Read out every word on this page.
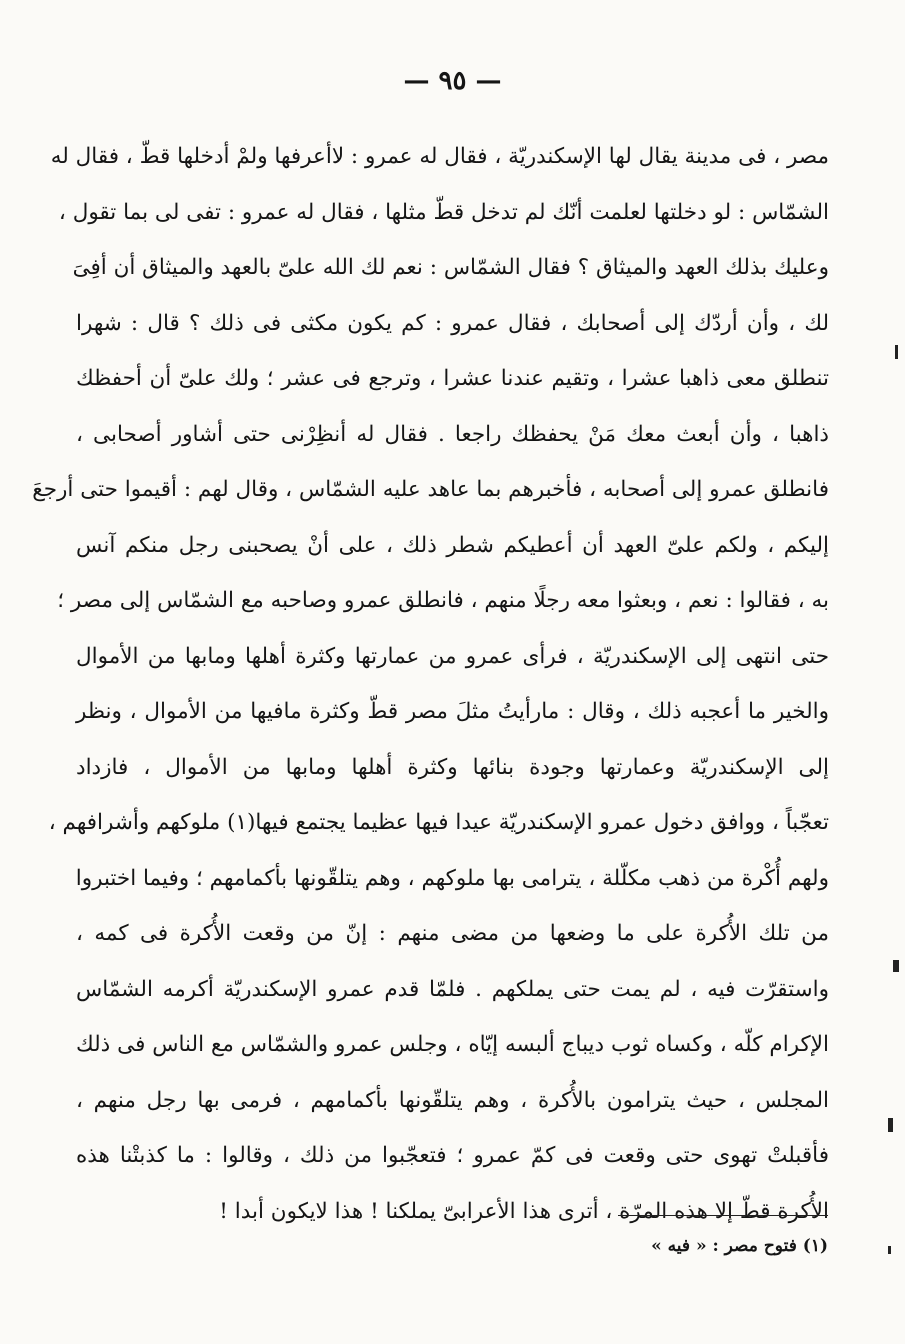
— ٩٥ —
مصر ، فى مدينة يقال لها الإسكندريّة ، فقال له عمرو : لاأعرفها ولمْ أدخلها قطّ ، فقال له
الشمّاس : لو دخلتها لعلمت أنّك لم تدخل قطّ مثلها ، فقال له عمرو : تفى لى بما تقول ،
وعليك بذلك العهد والميثاق ؟ فقال الشمّاس : نعم لك الله علىّ بالعهد والميثاق أن أفِىَ
لك ، وأن أردّك إلى أصحابك ، فقال عمرو : كم يكون مكثى فى ذلك ؟ قال : شهرا
تنطلق معى ذاهبا عشرا ، وتقيم عندنا عشرا ، وترجع فى عشر ؛ ولك علىّ أن أحفظك
ذاهبا ، وأن أبعث معك مَنْ يحفظك راجعا . فقال له أنظِرْنى حتى أشاور أصحابى ،
فانطلق عمرو إلى أصحابه ، فأخبرهم بما عاهد عليه الشمّاس ، وقال لهم : أقيموا حتى أرجعَ
إليكم ، ولكم علىّ العهد أن أعطيكم شطر ذلك ، على أنْ يصحبنى رجل منكم آنس
به ، فقالوا : نعم ، وبعثوا معه رجلًا منهم ، فانطلق عمرو وصاحبه مع الشمّاس إلى مصر ؛
حتى انتهى إلى الإسكندريّة ، فرأى عمرو من عمارتها وكثرة أهلها ومابها من الأموال
والخير ما أعجبه ذلك ، وقال : مارأيتُ مثلَ مصر قطّ وكثرة مافيها من الأموال ، ونظر
إلى الإسكندريّة وعمارتها وجودة بنائها وكثرة أهلها ومابها من الأموال ، فازداد
تعجّباً ، ووافق دخول عمرو الإسكندريّة عيدا فيها عظيما يجتمع فيها(١) ملوكهم وأشرافهم ،
ولهم أُكْرة من ذهب مكلّلة ، يترامى بها ملوكهم ، وهم يتلقّونها بأكمامهم ؛ وفيما اختبروا
من تلك الأُكرة على ما وضعها من مضى منهم : إنّ من وقعت الأُكرة فى كمه ،
واستقرّت فيه ، لم يمت حتى يملكهم . فلمّا قدم عمرو الإسكندريّة أكرمه الشمّاس
الإكرام كلّه ، وكساه ثوب ديباج ألبسه إيّاه ، وجلس عمرو والشمّاس مع الناس فى ذلك
المجلس ، حيث يترامون بالأُكرة ، وهم يتلقّونها بأكمامهم ، فرمى بها رجل منهم ،
فأقبلتْ تهوى حتى وقعت فى كمّ عمرو ؛ فتعجّبوا من ذلك ، وقالوا : ما كذبتْنا هذه
الأُكرة قطّ إلا هذه المرّة ، أترى هذا الأعرابىّ يملكنا ! هذا لايكون أبدا !
(١) فتوح مصر : « فيه »
